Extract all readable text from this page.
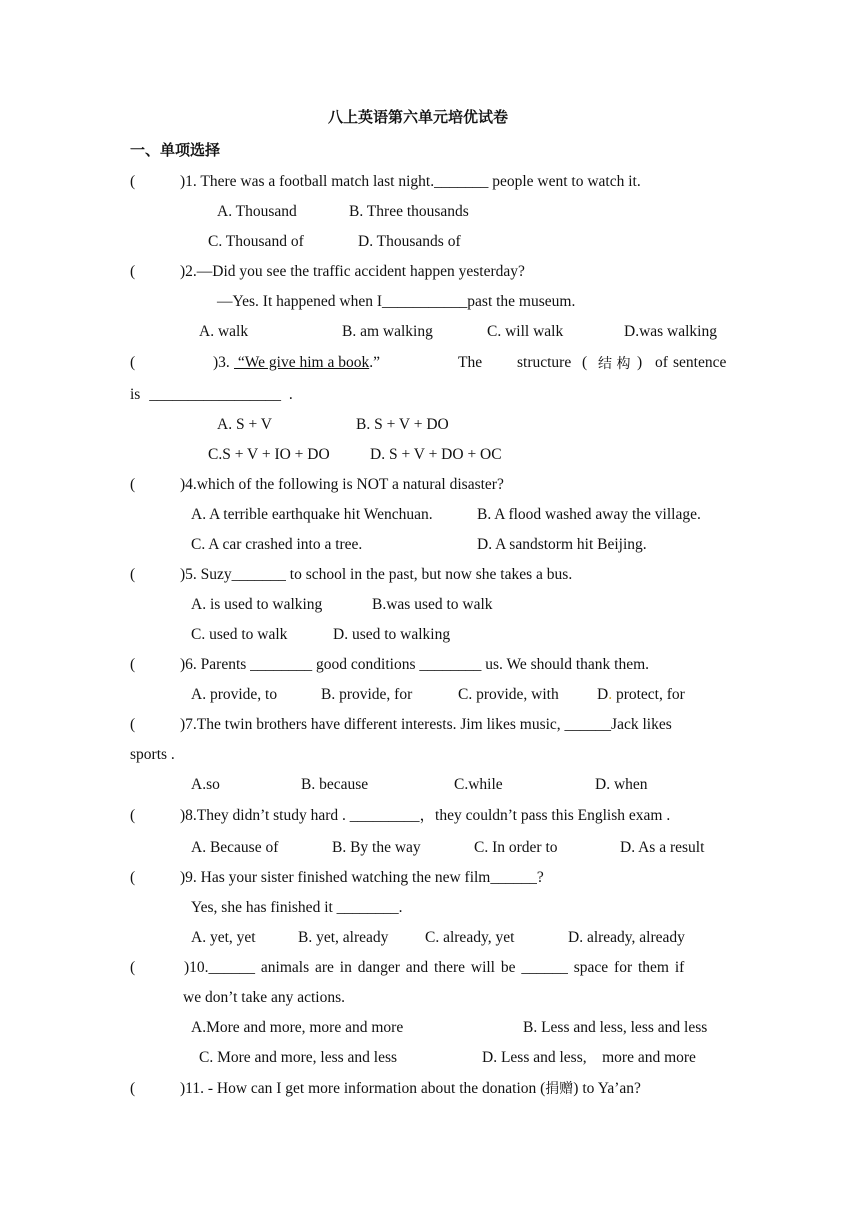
八上英语第六单元培优试卷
一、单项选择
(	)1. There was a football match last night._______ people went to watch it.
A. Thousand	B. Three thousands
C. Thousand of	D. Thousands of
(	)2.—Did you see the traffic accident happen yesterday?
—Yes. It happened when I___________past the museum.
A. walk	B. am walking	C. will walk	D.was walking
(	)3. “We give him a book.”	The structure ( 结 构 ) of sentence
is _________________ .
A. S + V	B. S + V + DO
C.S + V + IO + DO	D. S + V + DO + OC
(	)4.which of the following is NOT a natural disaster?
A. A terrible earthquake hit Wenchuan.	B. A flood washed away the village.
C. A car crashed into a tree.	D. A sandstorm hit Beijing.
(	)5. Suzy_______ to school in the past, but now she takes a bus.
A. is used to walking	B.was used to walk
C. used to walk	D. used to walking
(	)6. Parents ________ good conditions ________ us. We should thank them.
A. provide, to	B. provide, for	C. provide, with D. protect, for
(	)7.The twin brothers have different interests. Jim likes music, ______Jack likes
sports .
A.so	B. because	C.while	D. when
(	)8.They didn’t study hard . _________，they couldn’t pass this English exam .
A. Because of	B. By the way	C. In order to	D. As a result
(	)9. Has your sister finished watching the new film______?
Yes, she has finished it ________.
A. yet, yet	B. yet, already C. already, yet	D. already, already
(	)10.______ animals are in danger and there will be ______ space for them if
we don’t take any actions.
A.More and more, more and more	B. Less and less, less and less
C. More and more, less and less	D. Less and less,    more and more
(	)11. - How can I get more information about the donation (捐赠) to Ya’an?
